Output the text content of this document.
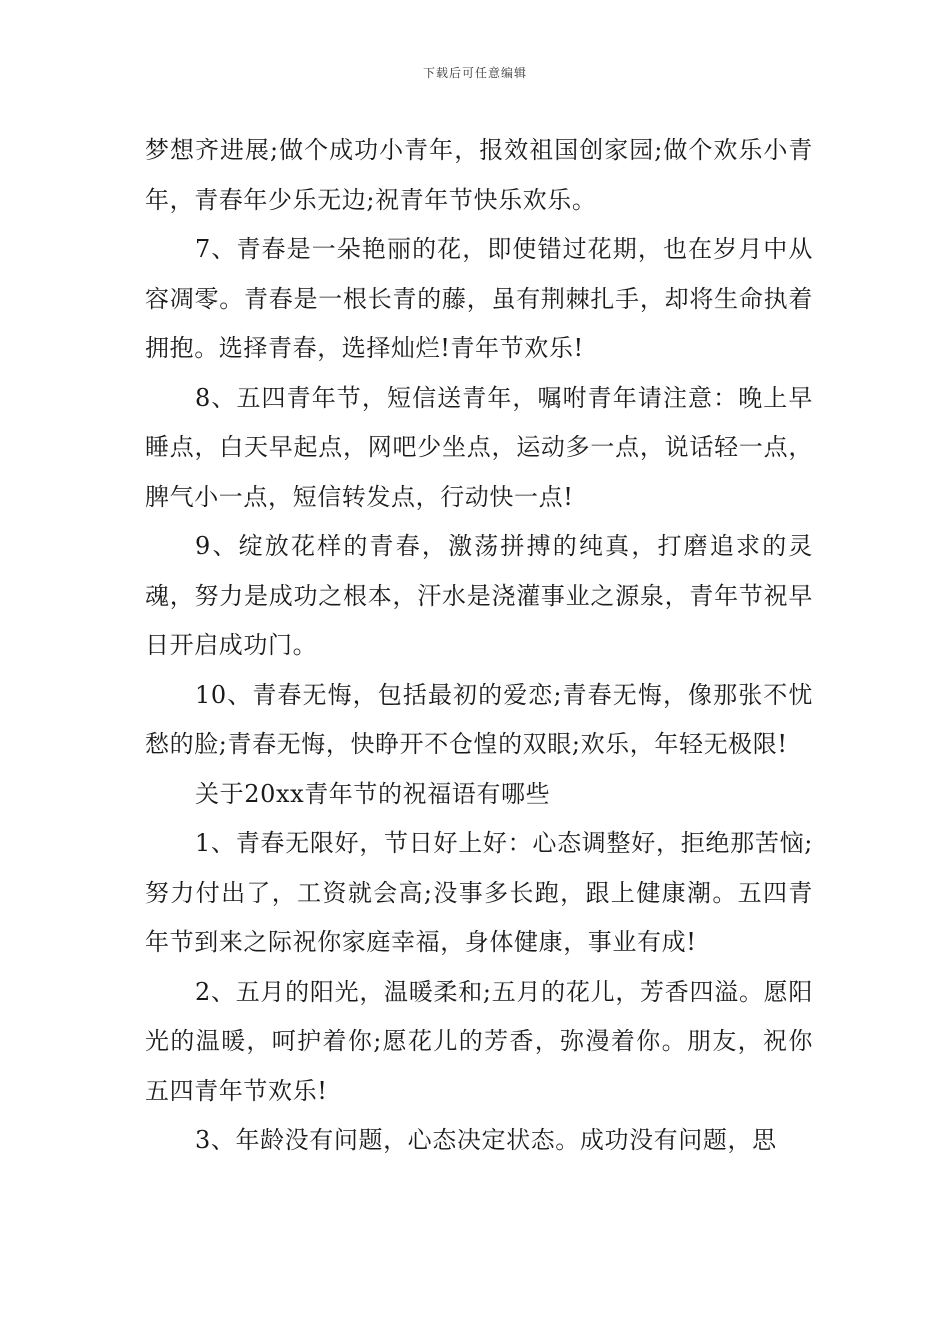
下载后可任意编辑

梦想齐进展;做个成功小青年，报效祖国创家园;做个欢乐小青年，青春年少乐无边;祝青年节快乐欢乐。

7、青春是一朵艳丽的花，即使错过花期，也在岁月中从容凋零。青春是一根长青的藤，虽有荆棘扎手，却将生命执着拥抱。选择青春，选择灿烂!青年节欢乐!

8、五四青年节，短信送青年，嘱咐青年请注意：晚上早睡点，白天早起点，网吧少坐点，运动多一点，说话轻一点，脾气小一点，短信转发点，行动快一点!

9、绽放花样的青春，激荡拼搏的纯真，打磨追求的灵魂，努力是成功之根本，汗水是浇灌事业之源泉，青年节祝早日开启成功门。

10、青春无悔，包括最初的爱恋;青春无悔，像那张不忧愁的脸;青春无悔，快睁开不仓惶的双眼;欢乐，年轻无极限!

关于20xx青年节的祝福语有哪些

1、青春无限好，节日好上好：心态调整好，拒绝那苦恼;努力付出了，工资就会高;没事多长跑，跟上健康潮。五四青年节到来之际祝你家庭幸福，身体健康，事业有成!

2、五月的阳光，温暖柔和;五月的花儿，芳香四溢。愿阳光的温暖，呵护着你;愿花儿的芳香，弥漫着你。朋友，祝你五四青年节欢乐!

3、年龄没有问题，心态决定状态。成功没有问题，思
